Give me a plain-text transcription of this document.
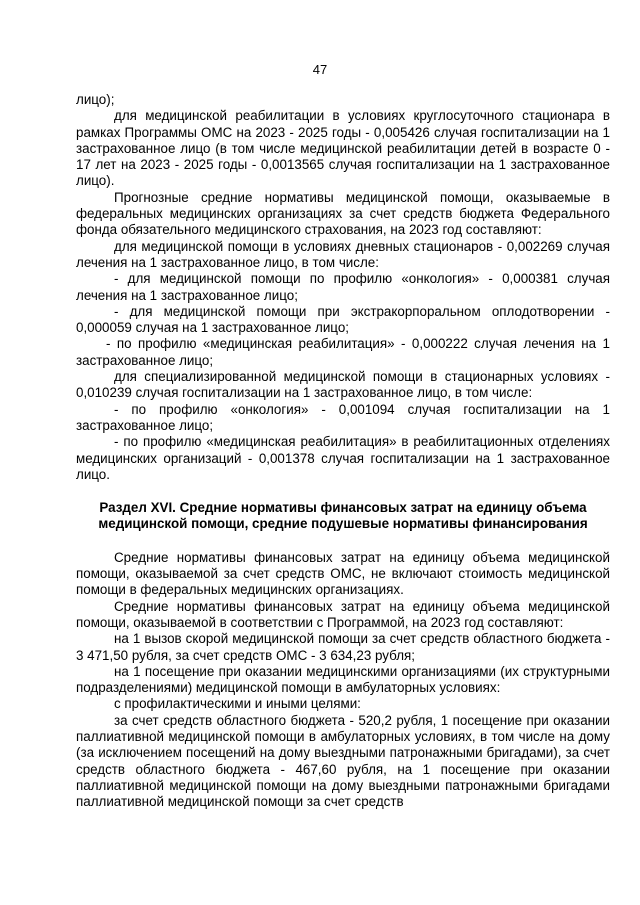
47

лицо);

для медицинской реабилитации в условиях круглосуточного стационара в рамках Программы ОМС на 2023 - 2025 годы - 0,005426 случая госпитализации на 1 застрахованное лицо (в том числе медицинской реабилитации детей в возрасте 0 - 17 лет на 2023 - 2025 годы - 0,0013565 случая госпитализации на 1 застрахованное лицо).

Прогнозные средние нормативы медицинской помощи, оказываемые в федеральных медицинских организациях за счет средств бюджета Федерального фонда обязательного медицинского страхования, на 2023 год составляют:

для медицинской помощи в условиях дневных стационаров - 0,002269 случая лечения на 1 застрахованное лицо, в том числе:

- для медицинской помощи по профилю «онкология» - 0,000381 случая лечения на 1 застрахованное лицо;

- для медицинской помощи при экстракорпоральном оплодотворении - 0,000059 случая на 1 застрахованное лицо;

- по профилю «медицинская реабилитация» - 0,000222 случая лечения на 1 застрахованное лицо;

для специализированной медицинской помощи в стационарных условиях - 0,010239 случая госпитализации на 1 застрахованное лицо, в том числе:

- по профилю «онкология» - 0,001094 случая госпитализации на 1 застрахованное лицо;

- по профилю «медицинская реабилитация» в реабилитационных отделениях медицинских организаций - 0,001378 случая госпитализации на 1 застрахованное лицо.

Раздел XVI. Средние нормативы финансовых затрат на единицу объема медицинской помощи, средние подушевые нормативы финансирования

Средние нормативы финансовых затрат на единицу объема медицинской помощи, оказываемой за счет средств ОМС, не включают стоимость медицинской помощи в федеральных медицинских организациях.

Средние нормативы финансовых затрат на единицу объема медицинской помощи, оказываемой в соответствии с Программой, на 2023 год составляют:

на 1 вызов скорой медицинской помощи за счет средств областного бюджета - 3 471,50 рубля, за счет средств ОМС - 3 634,23 рубля;

на 1 посещение при оказании медицинскими организациями (их структурными подразделениями) медицинской помощи в амбулаторных условиях:

с профилактическими и иными целями:

за счет средств областного бюджета - 520,2 рубля, 1 посещение при оказании паллиативной медицинской помощи в амбулаторных условиях, в том числе на дому (за исключением посещений на дому выездными патронажными бригадами), за счет средств областного бюджета - 467,60 рубля, на 1 посещение при оказании паллиативной медицинской помощи на дому выездными патронажными бригадами паллиативной медицинской помощи за счет средств
